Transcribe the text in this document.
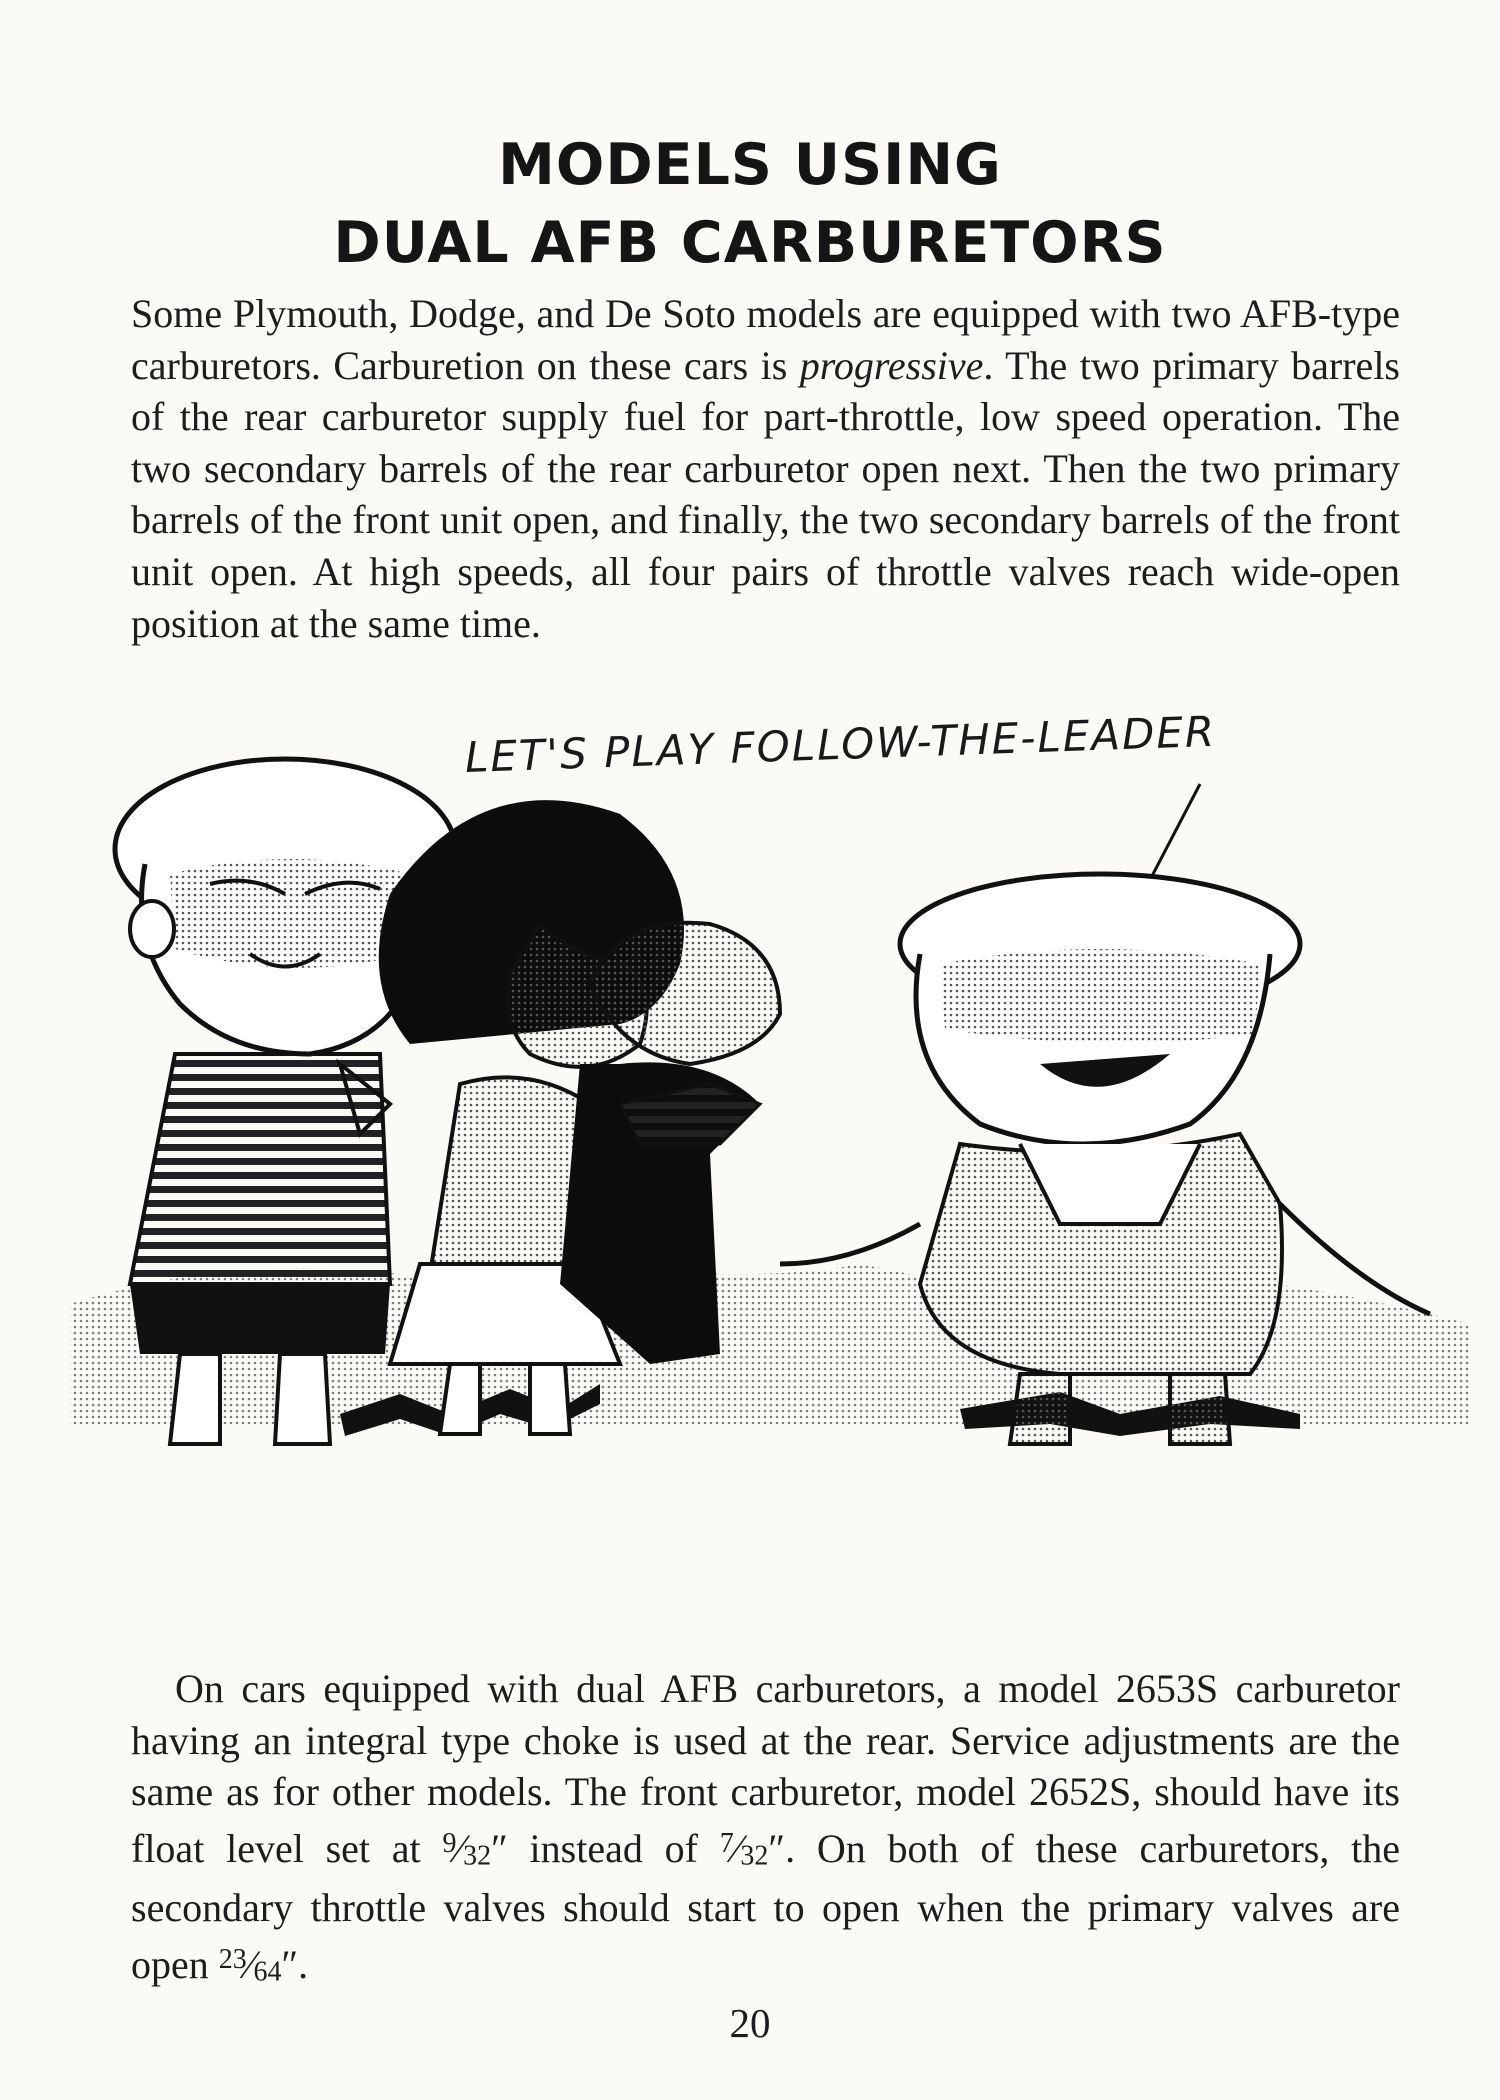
MODELS USING
DUAL AFB CARBURETORS

Some Plymouth, Dodge, and De Soto models are equipped with two AFB-type carburetors. Carburetion on these cars is progressive. The two primary barrels of the rear carburetor supply fuel for part-throttle, low speed operation. The two secondary barrels of the rear carburetor open next. Then the two primary barrels of the front unit open, and finally, the two secondary barrels of the front unit open. At high speeds, all four pairs of throttle valves reach wide-open position at the same time.

LET'S PLAY FOLLOW-THE-LEADER

On cars equipped with dual AFB carburetors, a model 2653S carburetor having an integral type choke is used at the rear. Service adjustments are the same as for other models. The front carburetor, model 2652S, should have its float level set at $^9$⁄32″ instead of $^7$⁄32″. On both of these carburetors, the secondary throttle valves should start to open when the primary valves are open $^{23}$⁄64″.

20
